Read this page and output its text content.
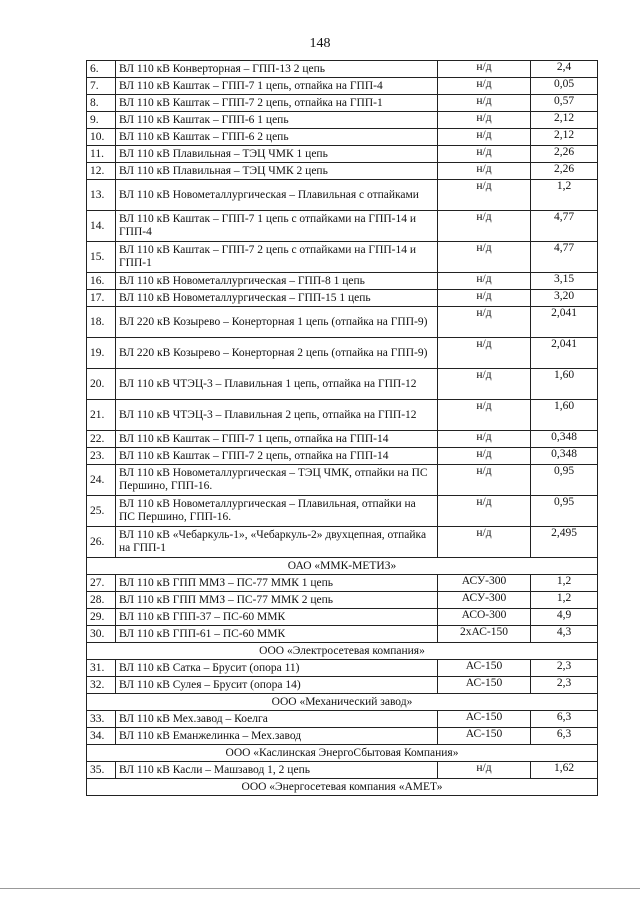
148
6.	ВЛ 110 кВ Конверторная – ГПП-13 2 цепь	н/д	2,4
7.	ВЛ 110 кВ Каштак – ГПП-7 1 цепь, отпайка на ГПП-4	н/д	0,05
8.	ВЛ 110 кВ Каштак – ГПП-7 2 цепь, отпайка на ГПП-1	н/д	0,57
9.	ВЛ 110 кВ Каштак – ГПП-6 1 цепь	н/д	2,12
10.	ВЛ 110 кВ Каштак – ГПП-6 2 цепь	н/д	2,12
11.	ВЛ 110 кВ Плавильная – ТЭЦ ЧМК 1 цепь	н/д	2,26
12.	ВЛ 110 кВ Плавильная – ТЭЦ ЧМК 2 цепь	н/д	2,26
13.	ВЛ 110 кВ Новометаллургическая – Плавильная с отпайками	н/д	1,2
14.	ВЛ 110 кВ Каштак – ГПП-7 1 цепь с отпайками на ГПП-14 и ГПП-4	н/д	4,77
15.	ВЛ 110 кВ Каштак – ГПП-7 2 цепь с отпайками на ГПП-14 и ГПП-1	н/д	4,77
16.	ВЛ 110 кВ Новометаллургическая – ГПП-8 1 цепь	н/д	3,15
17.	ВЛ 110 кВ Новометаллургическая – ГПП-15 1 цепь	н/д	3,20
18.	ВЛ 220 кВ Козырево – Конерторная 1 цепь (отпайка на ГПП-9)	н/д	2,041
19.	ВЛ 220 кВ Козырево – Конерторная 2 цепь (отпайка на ГПП-9)	н/д	2,041
20.	ВЛ 110 кВ ЧТЭЦ-3 – Плавильная 1 цепь, отпайка на ГПП-12	н/д	1,60
21.	ВЛ 110 кВ ЧТЭЦ-3 – Плавильная 2 цепь, отпайка на ГПП-12	н/д	1,60
22.	ВЛ 110 кВ Каштак – ГПП-7 1 цепь, отпайка на ГПП-14	н/д	0,348
23.	ВЛ 110 кВ Каштак – ГПП-7 2 цепь, отпайка на ГПП-14	н/д	0,348
24.	ВЛ 110 кВ Новометаллургическая – ТЭЦ ЧМК, отпайки на ПС Першино, ГПП-16.	н/д	0,95
25.	ВЛ 110 кВ Новометаллургическая – Плавильная, отпайки на ПС Першино, ГПП-16.	н/д	0,95
26.	ВЛ 110 кВ «Чебаркуль-1», «Чебаркуль-2» двухцепная, отпайка на ГПП-1	н/д	2,495
ОАО «ММК-МЕТИЗ»			
27.	ВЛ 110 кВ ГПП ММЗ – ПС-77 ММК 1 цепь	АСУ-300	1,2
28.	ВЛ 110 кВ ГПП ММЗ – ПС-77 ММК 2 цепь	АСУ-300	1,2
29.	ВЛ 110 кВ ГПП-37 – ПС-60 ММК	АСО-300	4,9
30.	ВЛ 110 кВ ГПП-61 – ПС-60 ММК	2хАС-150	4,3
ООО «Электросетевая компания»			
31.	ВЛ 110 кВ Сатка – Брусит (опора 11)	АС-150	2,3
32.	ВЛ 110 кВ Сулея – Брусит (опора 14)	АС-150	2,3
ООО «Механический завод»			
33.	ВЛ 110 кВ Мех.завод – Коелга	АС-150	6,3
34.	ВЛ 110 кВ Еманжелинка – Мех.завод	АС-150	6,3
ООО «Каслинская ЭнергоСбытовая Компания»			
35.	ВЛ 110 кВ Касли – Машзавод 1, 2 цепь	н/д	1,62
ООО «Энергосетевая компания «АМЕТ»			
